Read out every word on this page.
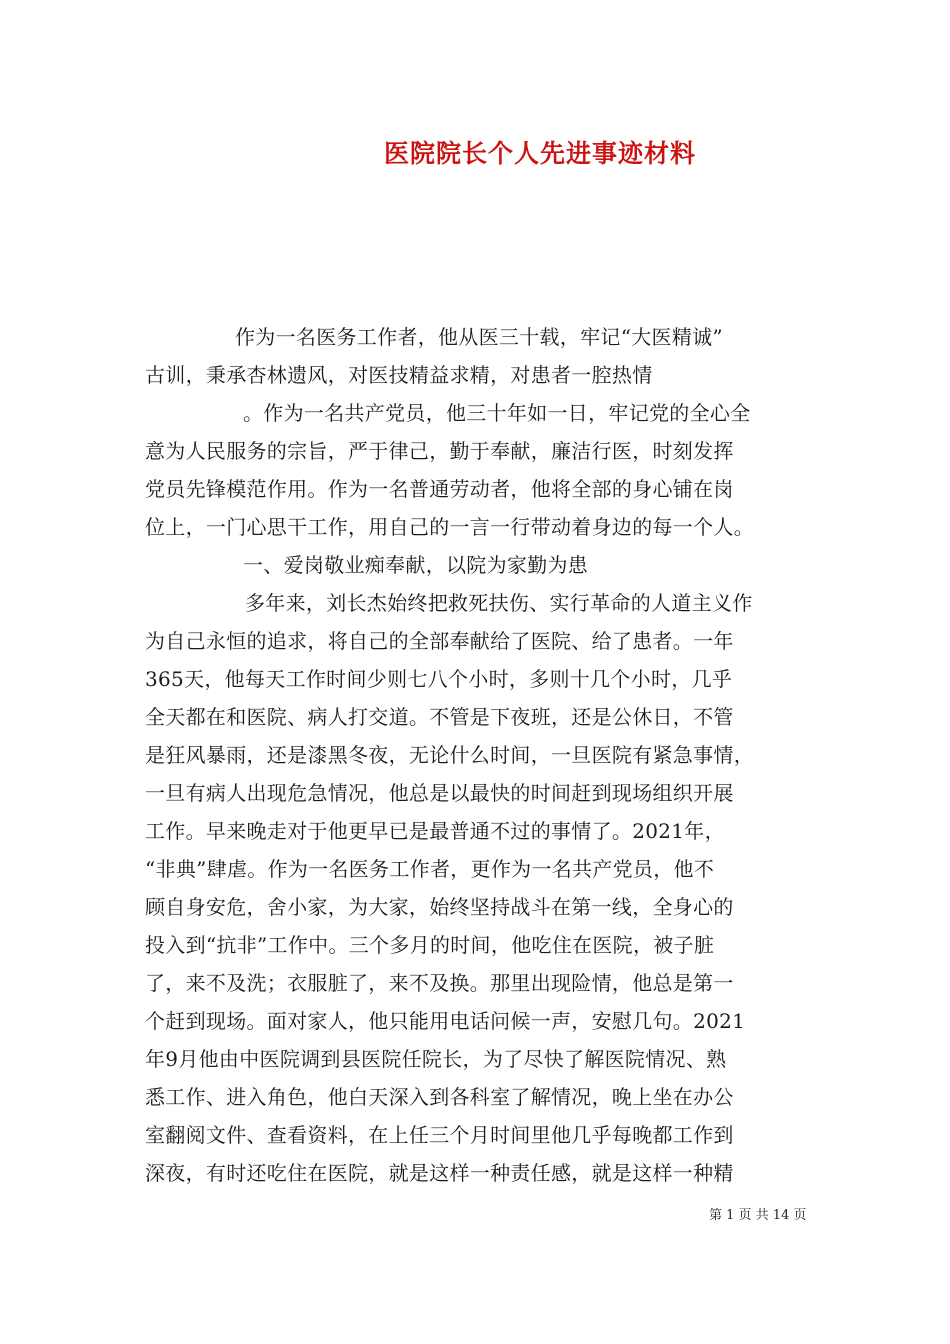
医院院长个人先进事迹材料
作为一名医务工作者，他从医三十载，牢记“大医精诚”
古训，秉承杏林遗风，对医技精益求精，对患者一腔热情
。作为一名共产党员，他三十年如一日，牢记党的全心全
意为人民服务的宗旨，严于律己，勤于奉献，廉洁行医，时刻发挥
党员先锋模范作用。作为一名普通劳动者，他将全部的身心铺在岗
位上，一门心思干工作，用自己的一言一行带动着身边的每一个人。
一、爱岗敬业痴奉献，以院为家勤为患
多年来，刘长杰始终把救死扶伤、实行革命的人道主义作
为自己永恒的追求，将自己的全部奉献给了医院、给了患者。一年
365天，他每天工作时间少则七八个小时，多则十几个小时，几乎
全天都在和医院、病人打交道。不管是下夜班，还是公休日，不管
是狂风暴雨，还是漆黑冬夜，无论什么时间，一旦医院有紧急事情，
一旦有病人出现危急情况，他总是以最快的时间赶到现场组织开展
工作。早来晚走对于他更早已是最普通不过的事情了。2021年，
“非典”肆虐。作为一名医务工作者，更作为一名共产党员，他不
顾自身安危，舍小家，为大家，始终坚持战斗在第一线，全身心的
投入到“抗非”工作中。三个多月的时间，他吃住在医院，被子脏
了，来不及洗；衣服脏了，来不及换。那里出现险情，他总是第一
个赶到现场。面对家人，他只能用电话问候一声，安慰几句。2021
年9月他由中医院调到县医院任院长，为了尽快了解医院情况、熟
悉工作、进入角色，他白天深入到各科室了解情况，晚上坐在办公
室翻阅文件、查看资料，在上任三个月时间里他几乎每晚都工作到
深夜，有时还吃住在医院，就是这样一种责任感，就是这样一种精
第 1 页 共 14 页
